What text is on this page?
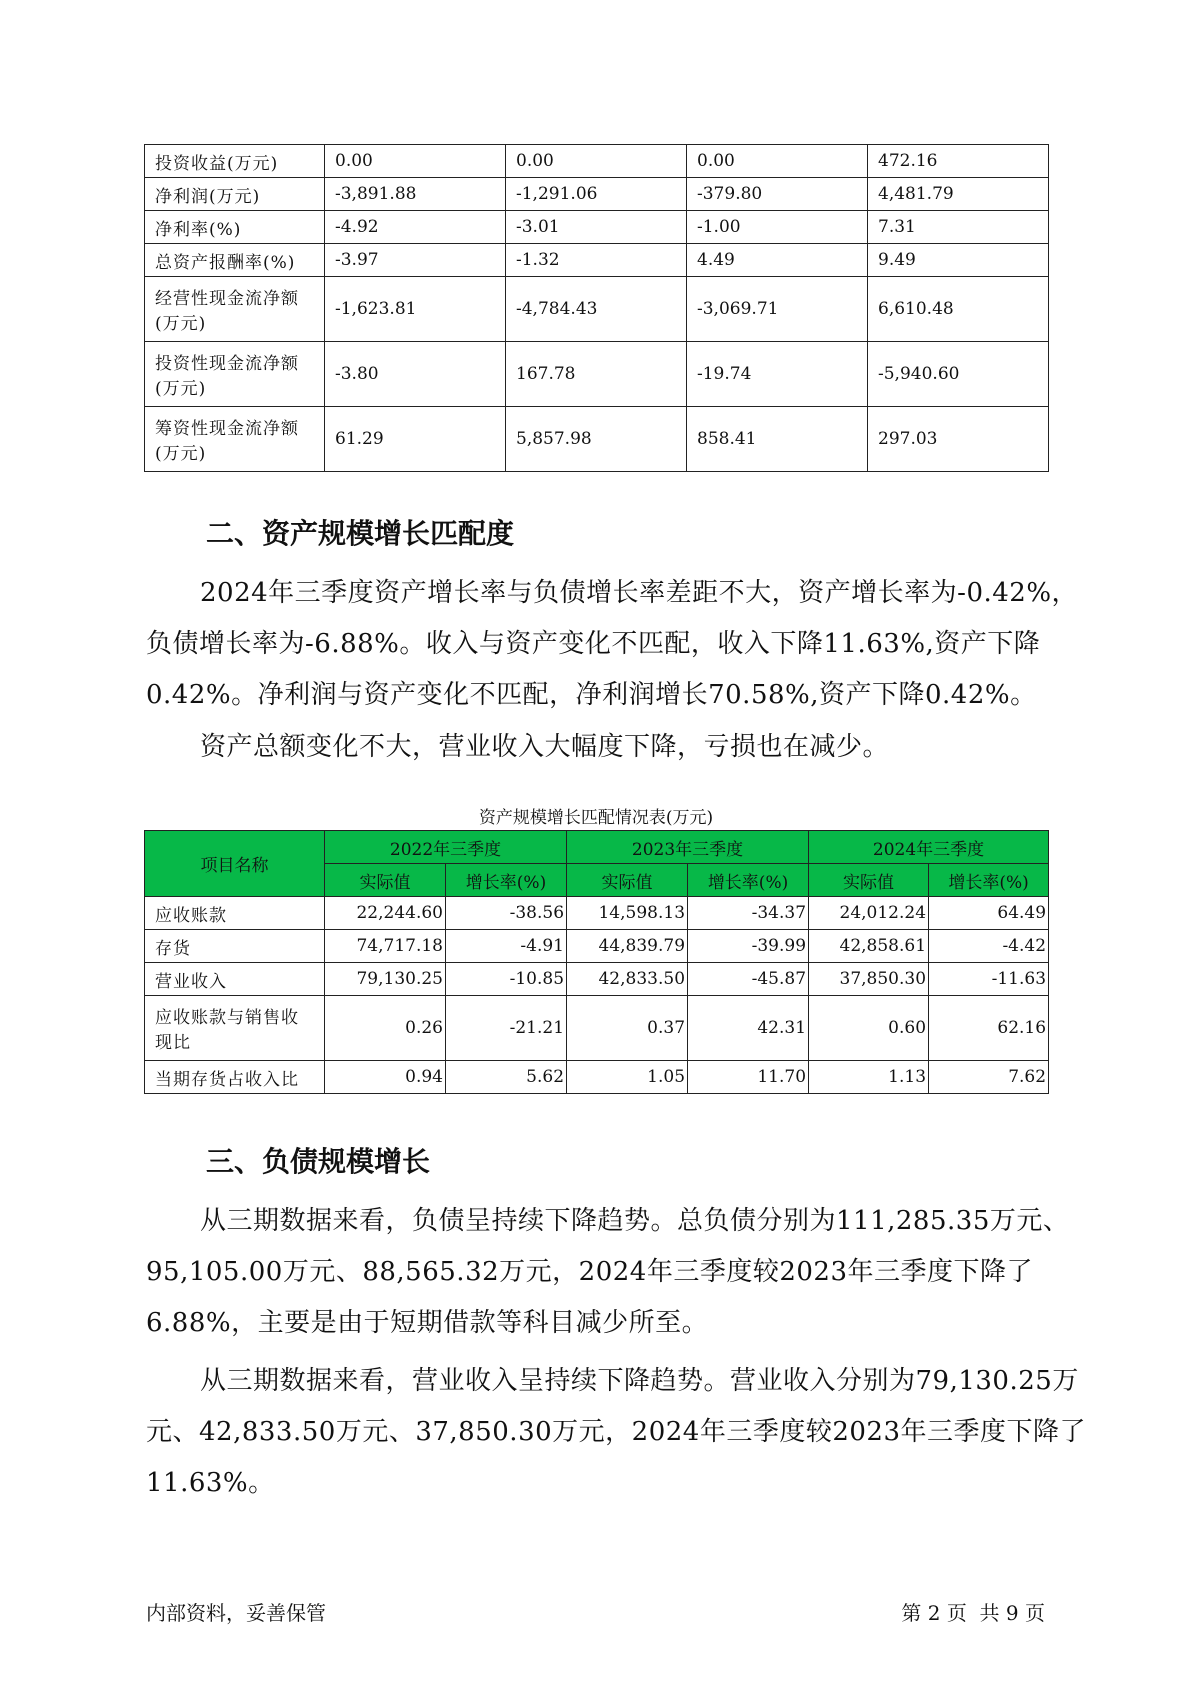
投资收益(万元)	0.00	0.00	0.00	472.16
净利润(万元)	-3,891.88	-1,291.06	-379.80	4,481.79
净利率(%)	-4.92	-3.01	-1.00	7.31
总资产报酬率(%)	-3.97	-1.32	4.49	9.49
经营性现金流净额(万元)	-1,623.81	-4,784.43	-3,069.71	6,610.48
投资性现金流净额(万元)	-3.80	167.78	-19.74	-5,940.60
筹资性现金流净额(万元)	61.29	5,857.98	858.41	297.03
二、资产规模增长匹配度

2024年三季度资产增长率与负债增长率差距不大，资产增长率为-0.42%，负债增长率为-6.88%。收入与资产变化不匹配，收入下降11.63%,资产下降0.42%。净利润与资产变化不匹配，净利润增长70.58%,资产下降0.42%。

资产总额变化不大，营业收入大幅度下降，亏损也在减少。

资产规模增长匹配情况表(万元)

项目名称	2022年三季度		2023年三季度		2024年三季度	
	实际值	增长率(%)	实际值	增长率(%)	实际值	增长率(%)
应收账款	22,244.60	-38.56	14,598.13	-34.37	24,012.24	64.49
存货	74,717.18	-4.91	44,839.79	-39.99	42,858.61	-4.42
营业收入	79,130.25	-10.85	42,833.50	-45.87	37,850.30	-11.63
应收账款与销售收现比	0.26	-21.21	0.37	42.31	0.60	62.16
当期存货占收入比	0.94	5.62	1.05	11.70	1.13	7.62
三、负债规模增长

从三期数据来看，负债呈持续下降趋势。总负债分别为111,285.35万元、95,105.00万元、88,565.32万元，2024年三季度较2023年三季度下降了6.88%，主要是由于短期借款等科目减少所至。

从三期数据来看，营业收入呈持续下降趋势。营业收入分别为79,130.25万元、42,833.50万元、37,850.30万元，2024年三季度较2023年三季度下降了11.63%。

内部资料，妥善保管	第 2 页  共 9 页
